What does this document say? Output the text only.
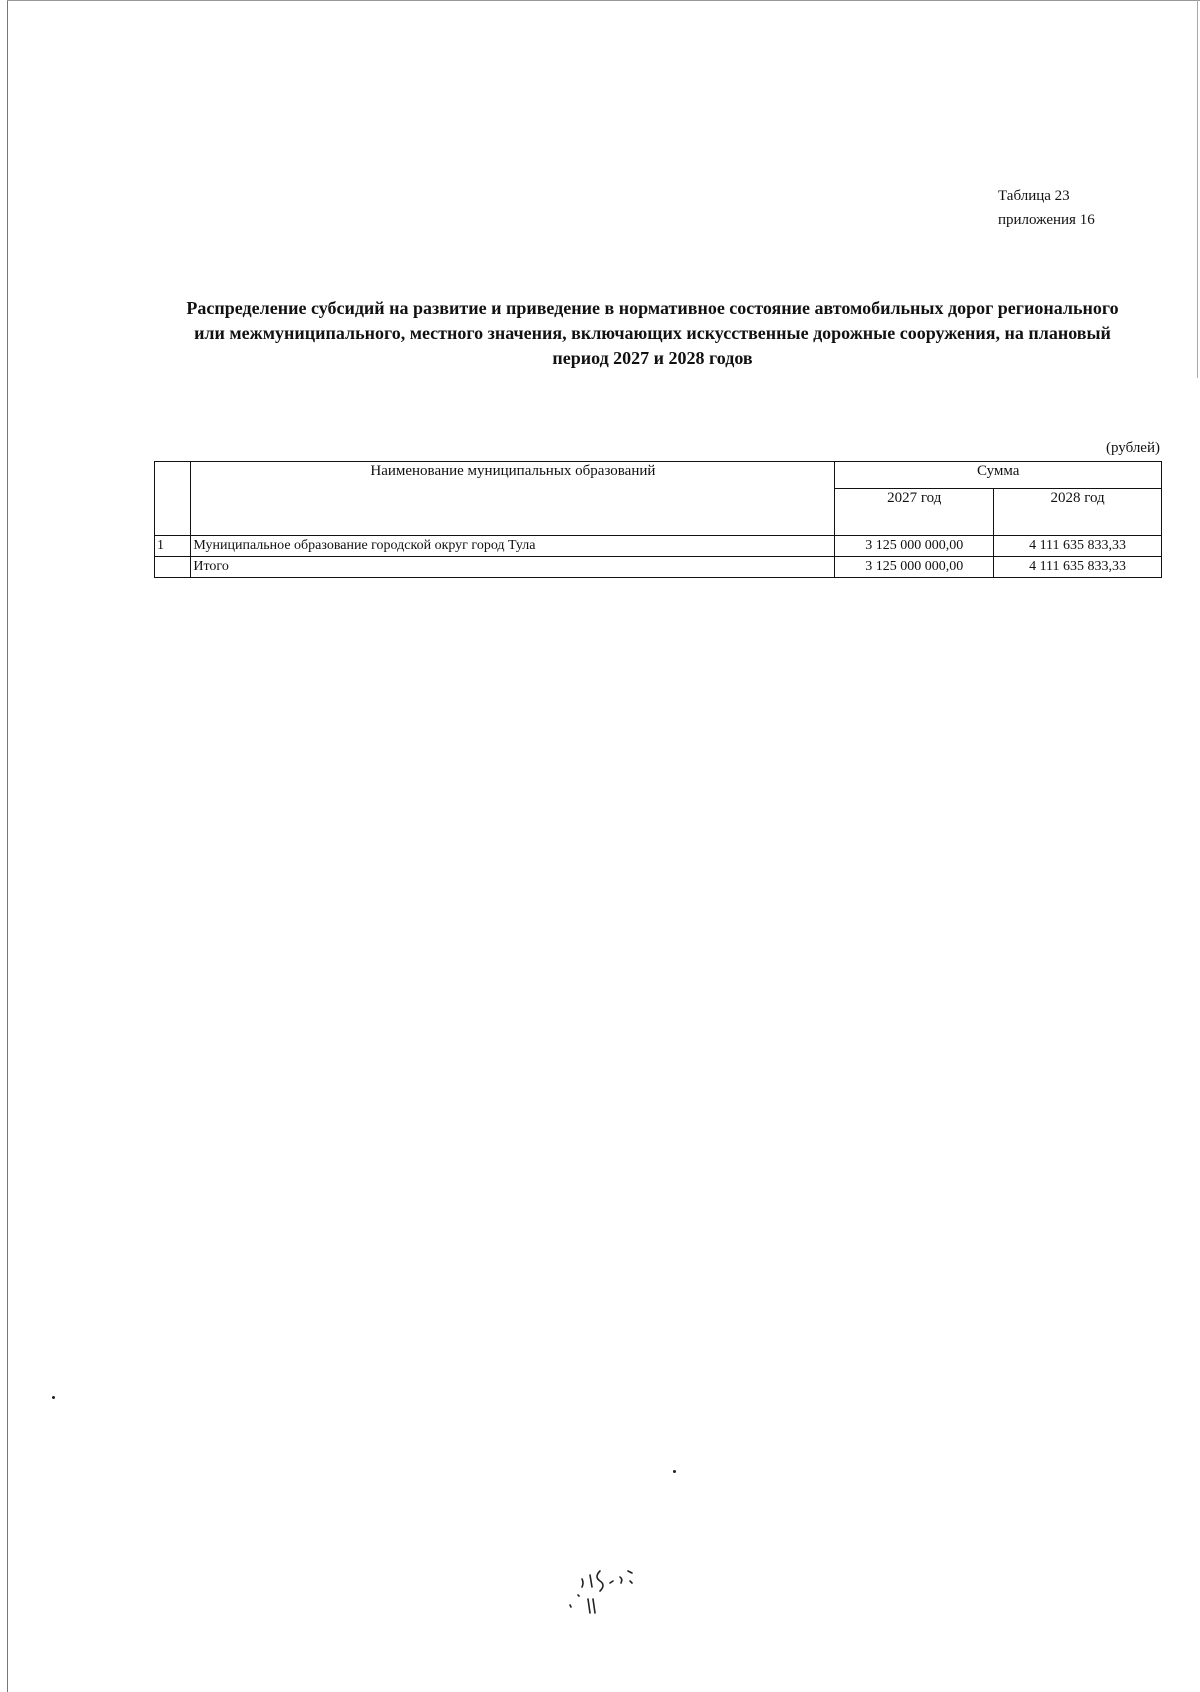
Таблица 23
приложения 16
Распределение субсидий на развитие и приведение в нормативное состояние автомобильных дорог регионального или межмуниципального, местного значения, включающих искусственные дорожные сооружения, на плановый период 2027 и 2028 годов
(рублей)
	Наименование муниципальных образований	Сумма	
		2027 год	2028 год
1	Муниципальное образование городской округ город Тула	3 125 000 000,00	4 111 635 833,33
	Итого	3 125 000 000,00	4 111 635 833,33
